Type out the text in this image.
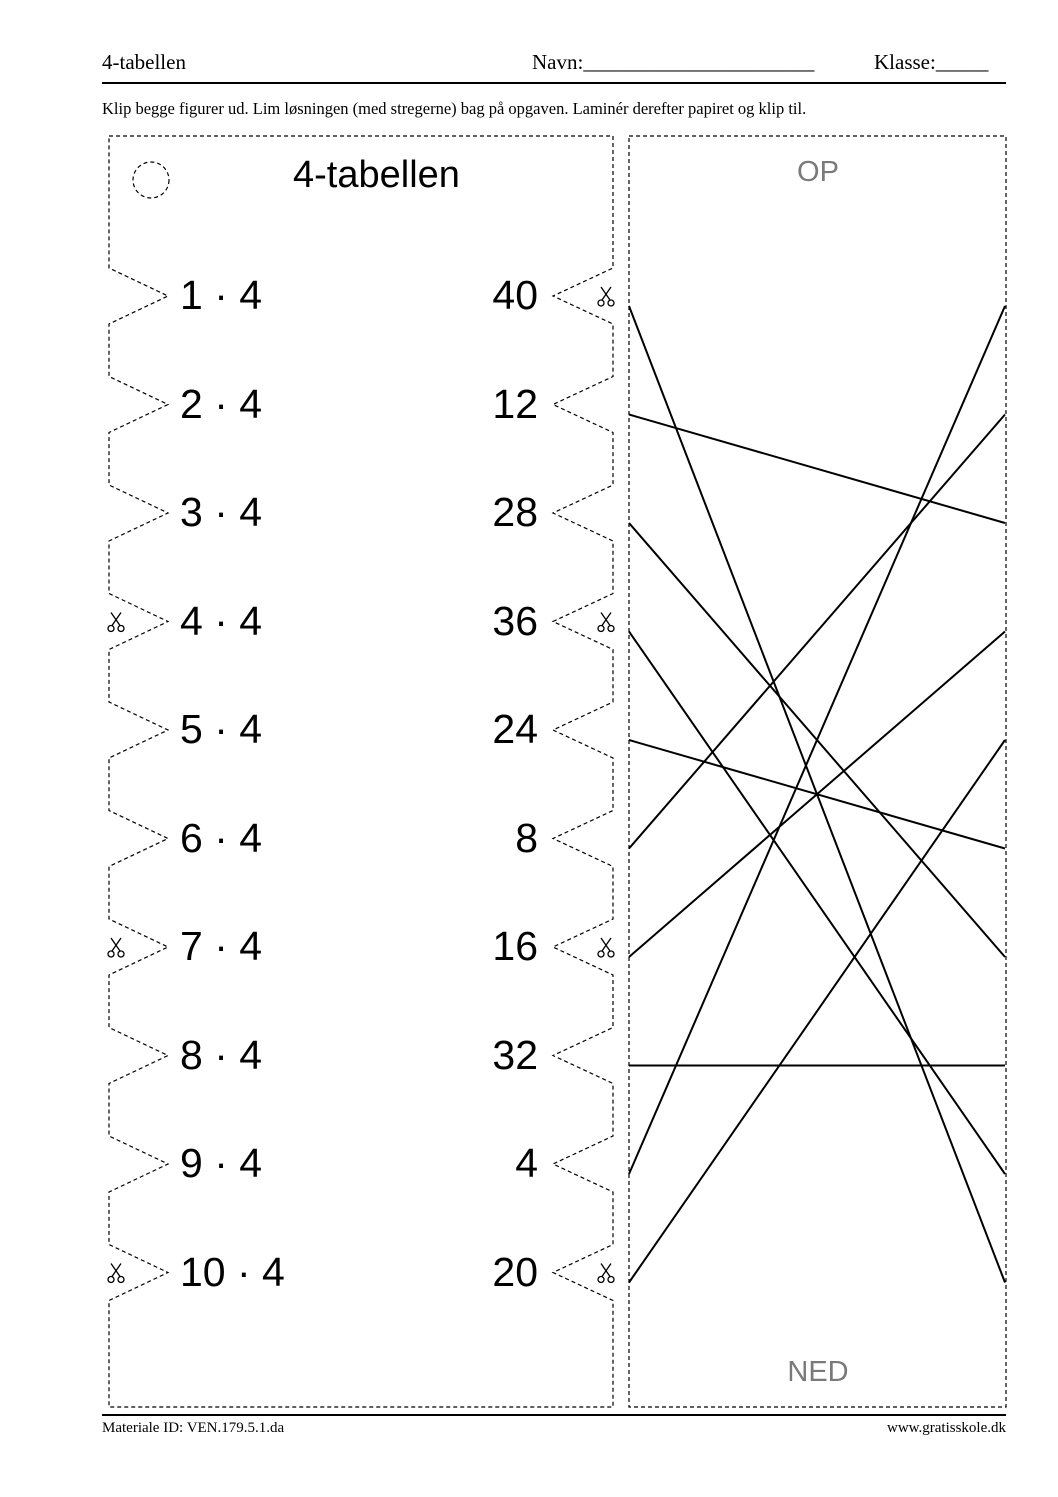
4-tabellen	Navn:______________________	Klasse:_____
Klip begge figurer ud. Lim løsningen (med stregerne) bag på opgaven. Laminér derefter papiret og klip til.
4-tabellen
1 · 4	40
2 · 4	12
3 · 4	28
4 · 4	36
5 · 4	24
6 · 4	8
7 · 4	16
8 · 4	32
9 · 4	4
10 · 4	20
OP
NED
Materiale ID: VEN.179.5.1.da	www.gratisskole.dk
